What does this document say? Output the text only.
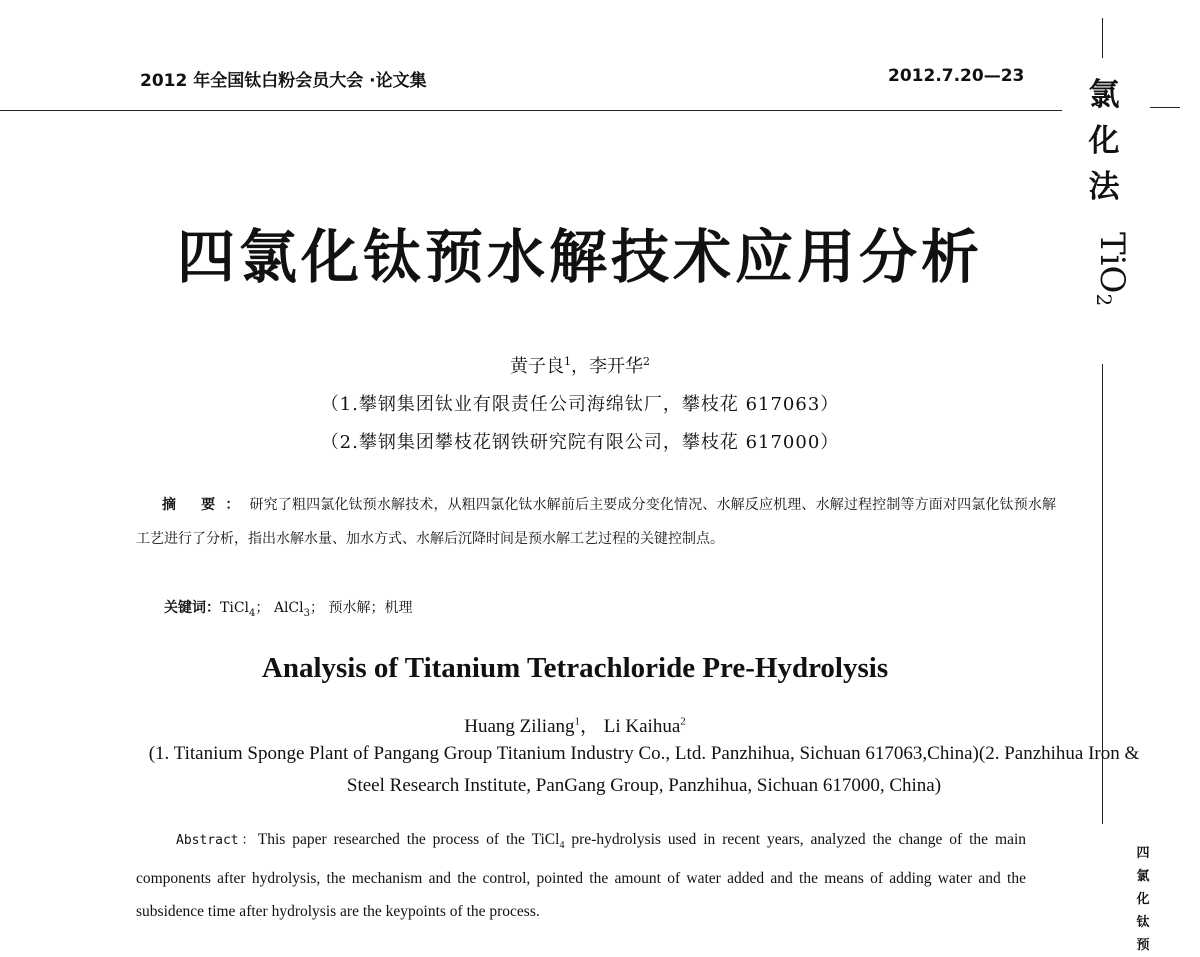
2012 年全国钛白粉会员大会 ·论文集	2012.7.20—23
氯
化
法
TiO$_2$
四
氯
化
钛
预
四氯化钛预水解技术应用分析
黄子良$^1$，李开华$^2$
（1.攀钢集团钛业有限责任公司海绵钛厂，攀枝花 617063）
（2.攀钢集团攀枝花钢铁研究院有限公司，攀枝花 617000）
摘 要：研究了粗四氯化钛预水解技术，从粗四氯化钛水解前后主要成分变化情况、水解反应机理、水解过程控制等方面对四氯化钛预水解工艺进行了分析，指出水解水量、加水方式、水解后沉降时间是预水解工艺过程的关键控制点。
关键词：TiCl$_4$； AlCl$_3$； 预水解；机理
Analysis of Titanium Tetrachloride Pre-Hydrolysis
Huang Ziliang$^1$， Li Kaihua$^2$
(1. Titanium Sponge Plant of Pangang Group Titanium Industry Co., Ltd. Panzhihua, Sichuan 617063,China)(2. Panzhihua Iron & Steel Research Institute, PanGang Group, Panzhihua, Sichuan 617000, China)
Abstract：This paper researched the process of the TiCl$_4$ pre-hydrolysis used in recent years, analyzed the change of the main components after hydrolysis, the mechanism and the control, pointed the amount of water added and the means of adding water and the subsidence time after hydrolysis are the keypoints of the process.
